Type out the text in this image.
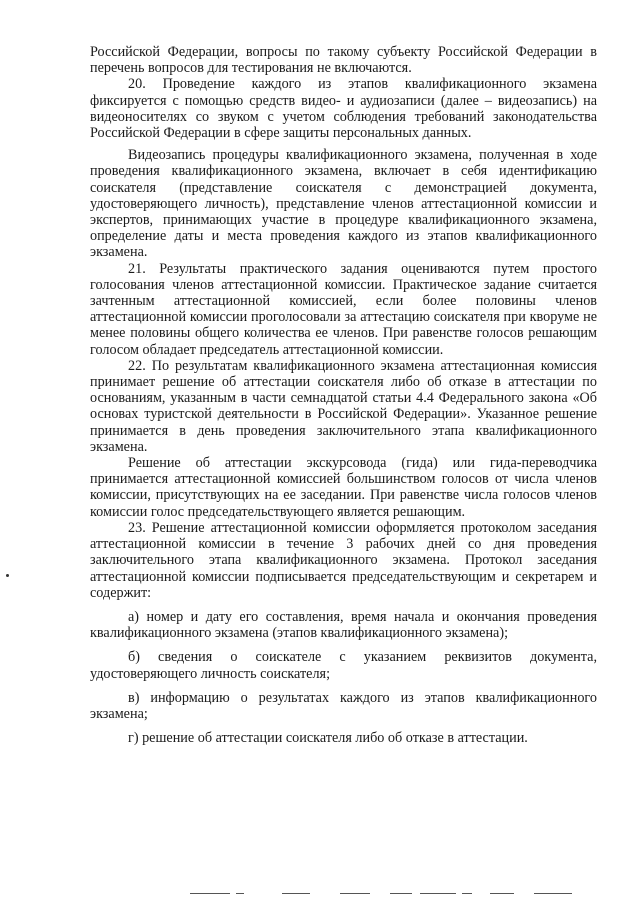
Российской Федерации, вопросы по такому субъекту Российской Федерации в перечень вопросов для тестирования не включаются.

20. Проведение каждого из этапов квалификационного экзамена фиксируется с помощью средств видео- и аудиозаписи (далее – видеозапись) на видеоносителях со звуком с учетом соблюдения требований законодательства Российской Федерации в сфере защиты персональных данных.

Видеозапись процедуры квалификационного экзамена, полученная в ходе проведения квалификационного экзамена, включает в себя идентификацию соискателя (представление соискателя с демонстрацией документа, удостоверяющего личность), представление членов аттестационной комиссии и экспертов, принимающих участие в процедуре квалификационного экзамена, определение даты и места проведения каждого из этапов квалификационного экзамена.

21. Результаты практического задания оцениваются путем простого голосования членов аттестационной комиссии. Практическое задание считается зачтенным аттестационной комиссией, если более половины членов аттестационной комиссии проголосовали за аттестацию соискателя при кворуме не менее половины общего количества ее членов. При равенстве голосов решающим голосом обладает председатель аттестационной комиссии.

22. По результатам квалификационного экзамена аттестационная комиссия принимает решение об аттестации соискателя либо об отказе в аттестации по основаниям, указанным в части семнадцатой статьи 4.4 Федерального закона «Об основах туристской деятельности в Российской Федерации». Указанное решение принимается в день проведения заключительного этапа квалификационного экзамена.

Решение об аттестации экскурсовода (гида) или гида-переводчика принимается аттестационной комиссией большинством голосов от числа членов комиссии, присутствующих на ее заседании. При равенстве числа голосов членов комиссии голос председательствующего является решающим.

23. Решение аттестационной комиссии оформляется протоколом заседания аттестационной комиссии в течение 3 рабочих дней со дня проведения заключительного этапа квалификационного экзамена. Протокол заседания аттестационной комиссии подписывается председательствующим и секретарем и содержит:

а) номер и дату его составления, время начала и окончания проведения квалификационного экзамена (этапов квалификационного экзамена);

б) сведения о соискателе с указанием реквизитов документа, удостоверяющего личность соискателя;

в) информацию о результатах каждого из этапов квалификационного экзамена;

г) решение об аттестации соискателя либо об отказе в аттестации.
